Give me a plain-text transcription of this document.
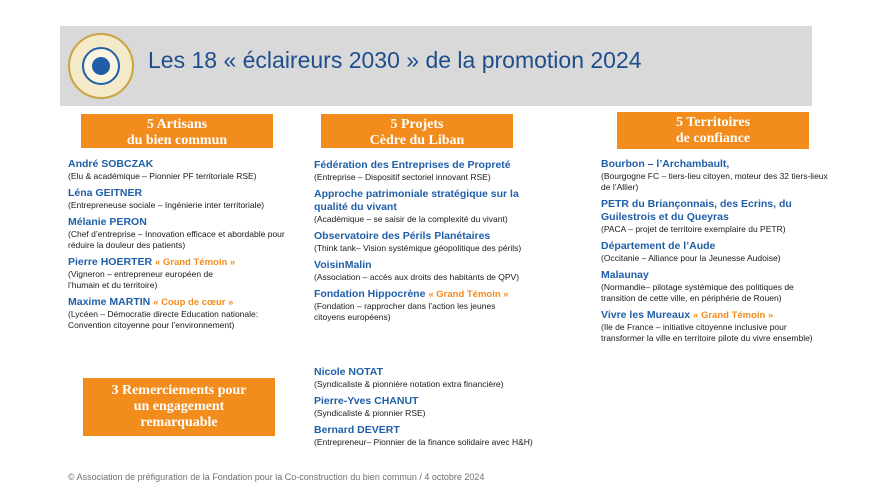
Les 18 « éclaireurs 2030 » de la promotion 2024
5 Artisans
du bien commun
5 Projets
Cèdre du Liban
5 Territoires
de confiance
3 Remerciements pour
un engagement
remarquable
André SOBCZAK
(Elu & académique – Pionnier PF territoriale RSE)
Léna GEITNER
(Entrepreneuse sociale – Ingénierie inter territoriale)
Mélanie PERON
(Chef d’entreprise – Innovation efficace et abordable pour réduire la douleur des patients)
Pierre HOERTER « Grand Témoin »
(Vigneron – entrepreneur européen de l’humain et du territoire)
Maxime MARTIN « Coup de cœur »
(Lycéen – Démocratie directe Education nationale: Convention citoyenne pour l’environnement)
Fédération des Entreprises de Propreté
(Entreprise – Dispositif sectoriel innovant RSE)
Approche patrimoniale stratégique sur la qualité du vivant
(Académique – se saisir de la complexité du vivant)
Observatoire des Périls Planétaires
(Think tank– Vision systémique géopolitique des périls)
VoisinMalin
(Association – accès aux droits des habitants de QPV)
Fondation Hippocrène « Grand Témoin »
(Fondation – rapprocher dans l’action les jeunes citoyens européens)
Bourbon – l’Archambault,
(Bourgogne FC – tiers-lieu citoyen, moteur des 32 tiers-lieux de l’Allier)
PETR du Briançonnais, des Ecrins, du Guilestrois et du Queyras
(PACA – projet de territoire exemplaire du PETR)
Département de l’Aude
(Occitanie – Alliance pour la Jeunesse Audoise)
Malaunay
(Normandie– pilotage systémique des politiques de transition de cette ville, en périphérie de Rouen)
Vivre les Mureaux « Grand Témoin »
(Ile de France – initiative citoyenne inclusive pour transformer la ville en territoire pilote du vivre ensemble)
Nicole NOTAT
(Syndicaliste & pionnière notation extra financière)
Pierre-Yves CHANUT
(Syndicaliste & pionnier RSE)
Bernard DEVERT
(Entrepreneur– Pionnier de la finance solidaire avec H&H)
© Association de préfiguration de la Fondation pour la Co-construction du bien commun / 4 octobre 2024
